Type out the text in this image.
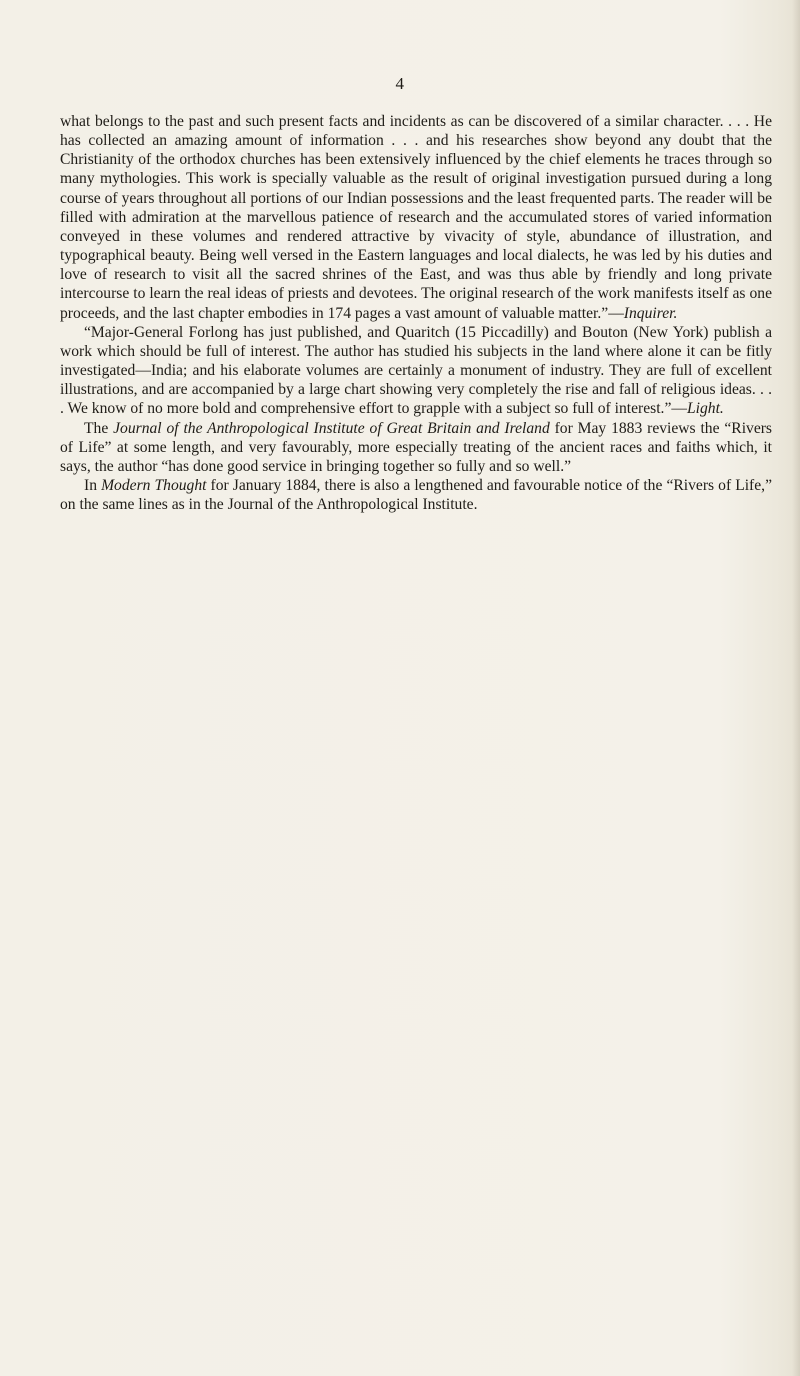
4

what belongs to the past and such present facts and incidents as can be discovered of a similar character. . . . He has collected an amazing amount of information . . . and his researches show beyond any doubt that the Christianity of the orthodox churches has been extensively influenced by the chief elements he traces through so many mythologies. This work is specially valuable as the result of original investigation pursued during a long course of years throughout all portions of our Indian possessions and the least frequented parts. The reader will be filled with admiration at the marvellous patience of research and the accumulated stores of varied information conveyed in these volumes and rendered attractive by vivacity of style, abundance of illustration, and typographical beauty. Being well versed in the Eastern languages and local dialects, he was led by his duties and love of research to visit all the sacred shrines of the East, and was thus able by friendly and long private intercourse to learn the real ideas of priests and devotees. The original research of the work manifests itself as one proceeds, and the last chapter embodies in 174 pages a vast amount of valuable matter.”—Inquirer.

“Major-General Forlong has just published, and Quaritch (15 Piccadilly) and Bouton (New York) publish a work which should be full of interest. The author has studied his subjects in the land where alone it can be fitly investigated—India; and his elaborate volumes are certainly a monument of industry. They are full of excellent illustrations, and are accompanied by a large chart showing very completely the rise and fall of religious ideas. . . . We know of no more bold and comprehensive effort to grapple with a subject so full of interest.”—Light.

The Journal of the Anthropological Institute of Great Britain and Ireland for May 1883 reviews the “Rivers of Life” at some length, and very favourably, more especially treating of the ancient races and faiths which, it says, the author “has done good service in bringing together so fully and so well.”

In Modern Thought for January 1884, there is also a lengthened and favourable notice of the “Rivers of Life,” on the same lines as in the Journal of the Anthropological Institute.
